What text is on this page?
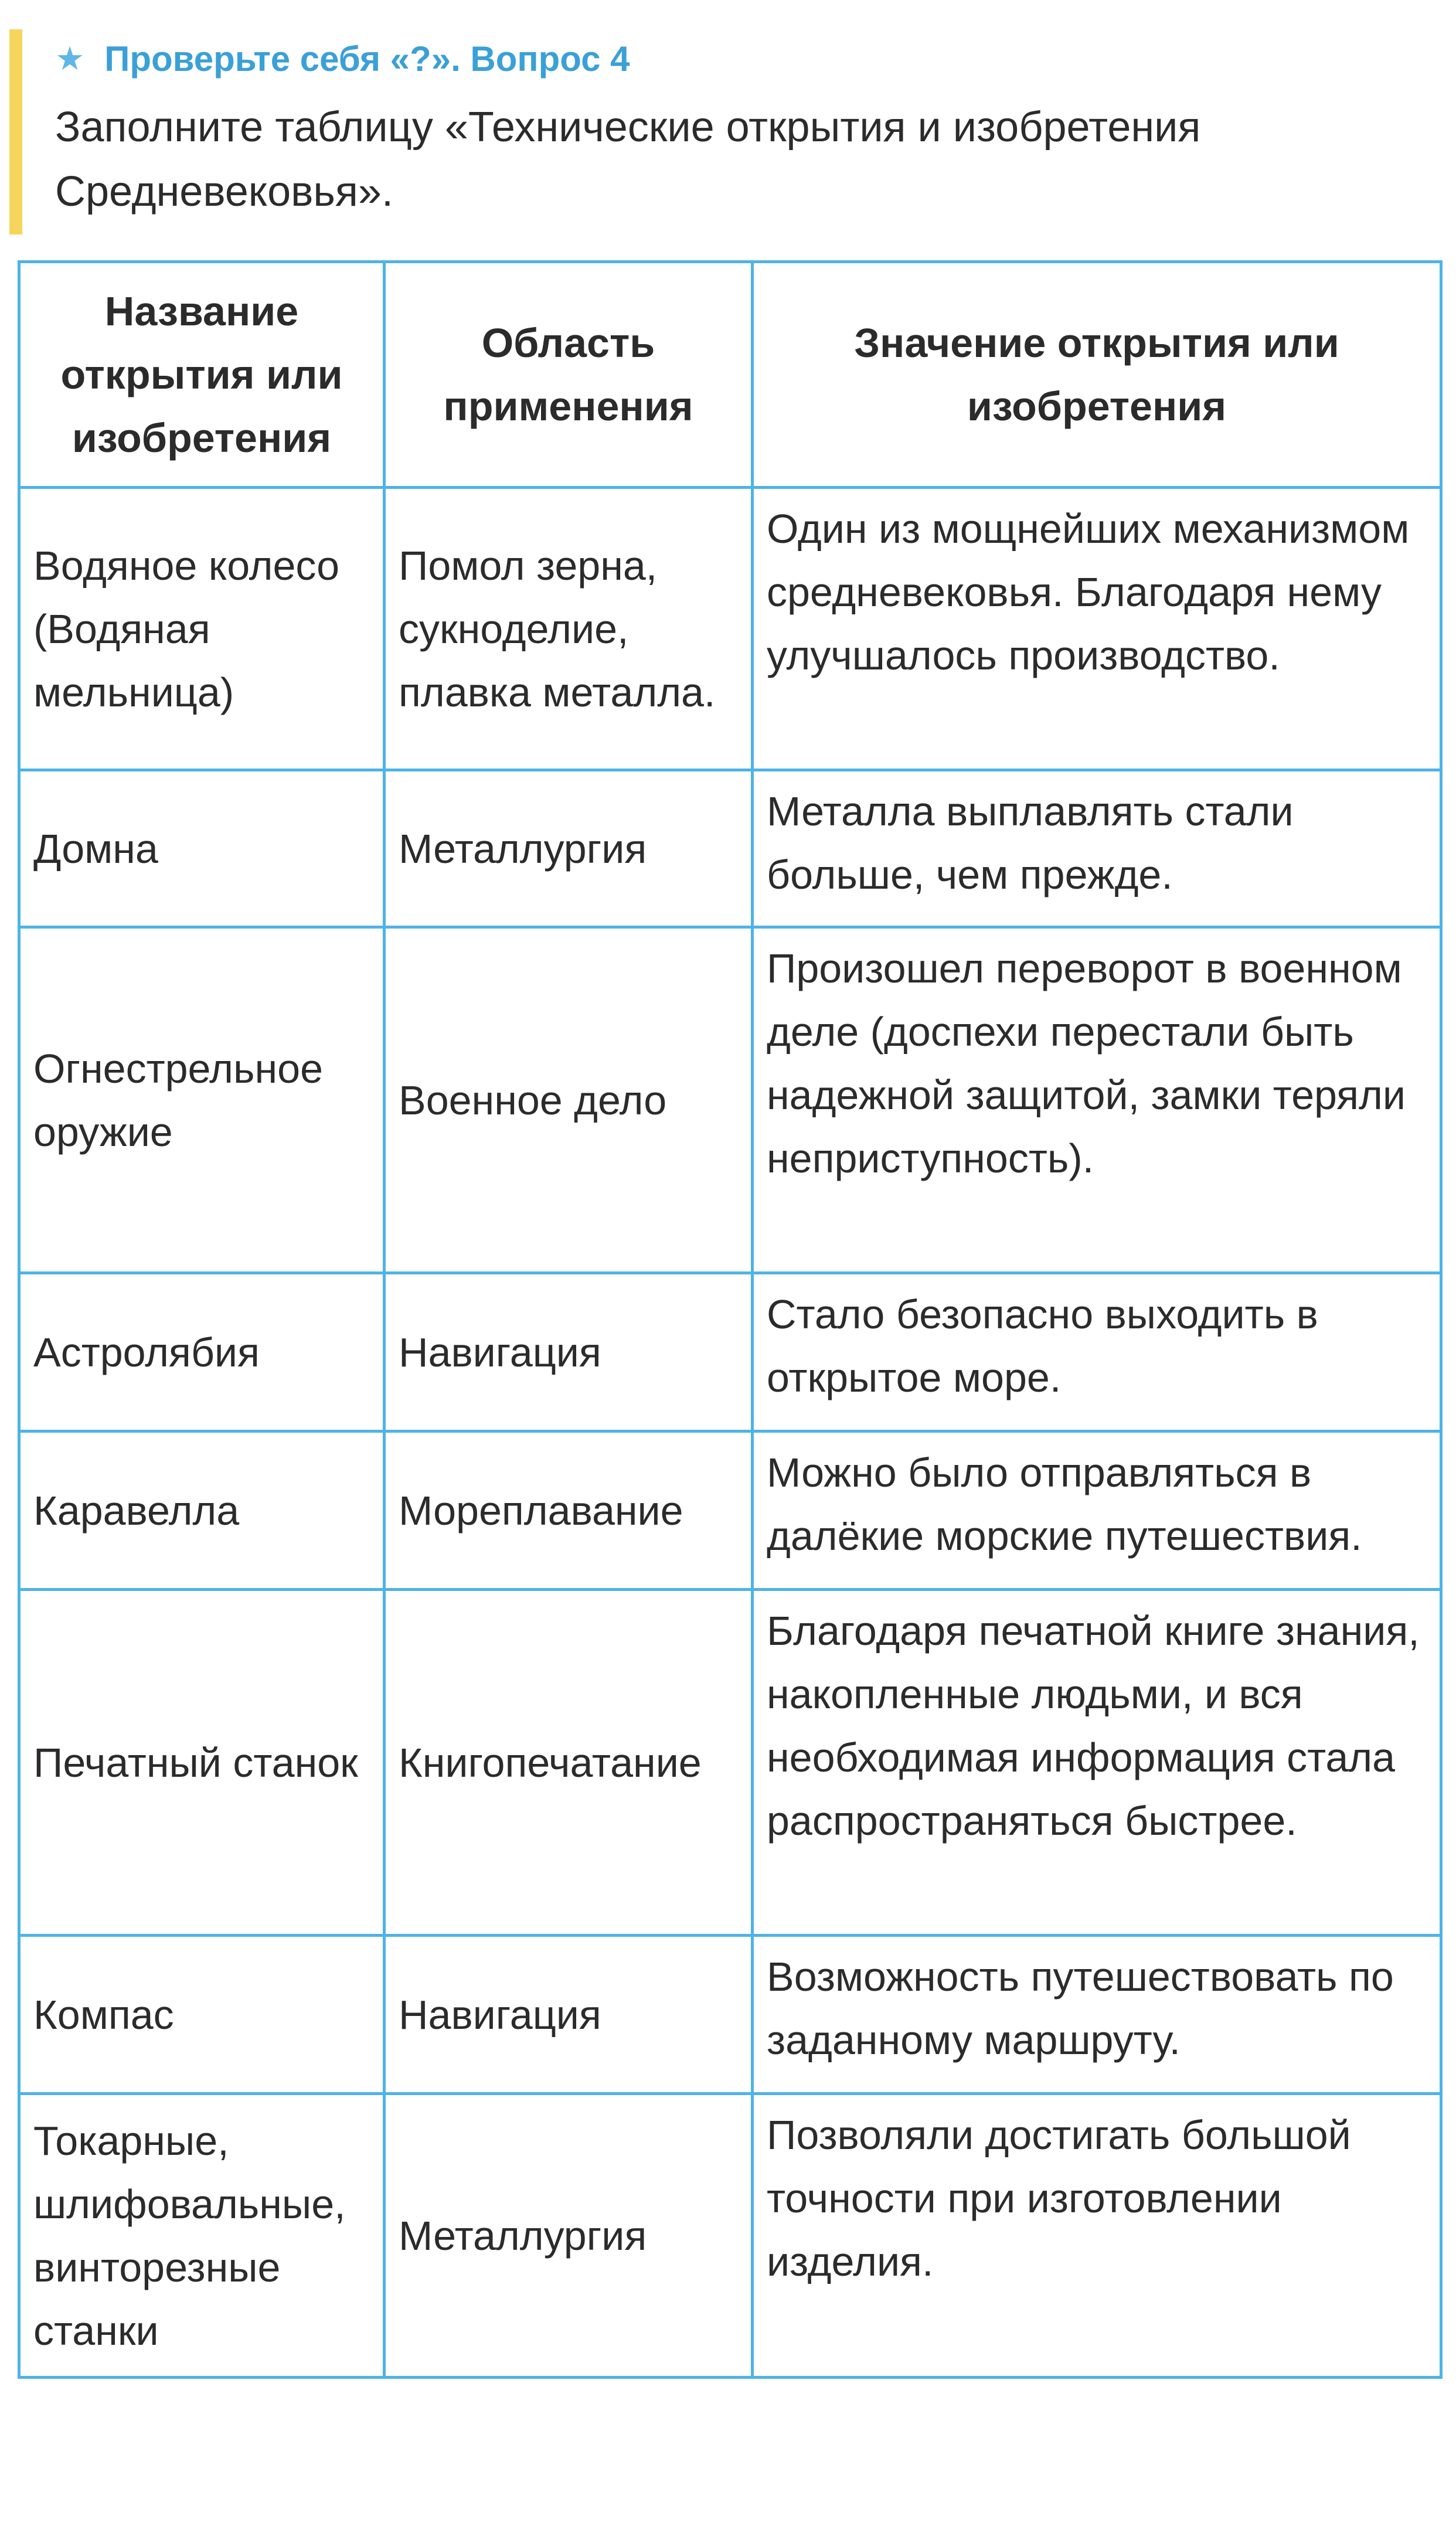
★ Проверьте себя «?». Вопрос 4
Заполните таблицу «Технические открытия и изобретения Средневековья».
Название открытия или изобретения	Область применения	Значение открытия или изобретения
Водяное колесо (Водяная мельница)	Помол зерна, сукноделие, плавка металла.	Один из мощнейших механизмом средневековья. Благодаря нему улучшалось производство.
Домна	Металлургия	Металла выплавлять стали больше, чем прежде.
Огнестрельное оружие	Военное дело	Произошел переворот в военном деле (доспехи перестали быть надежной защитой, замки теряли неприступность).
Астролябия	Навигация	Стало безопасно выходить в открытое море.
Каравелла	Мореплавание	Можно было отправляться в далёкие морские путешествия.
Печатный станок	Книгопечатание	Благодаря печатной книге знания, накопленные людьми, и вся необходимая информация стала распространяться быстрее.
Компас	Навигация	Возможность путешествовать по заданному маршруту.
Токарные, шлифовальные, винторезные станки	Металлургия	Позволяли достигать большой точности при изготовлении изделия.
